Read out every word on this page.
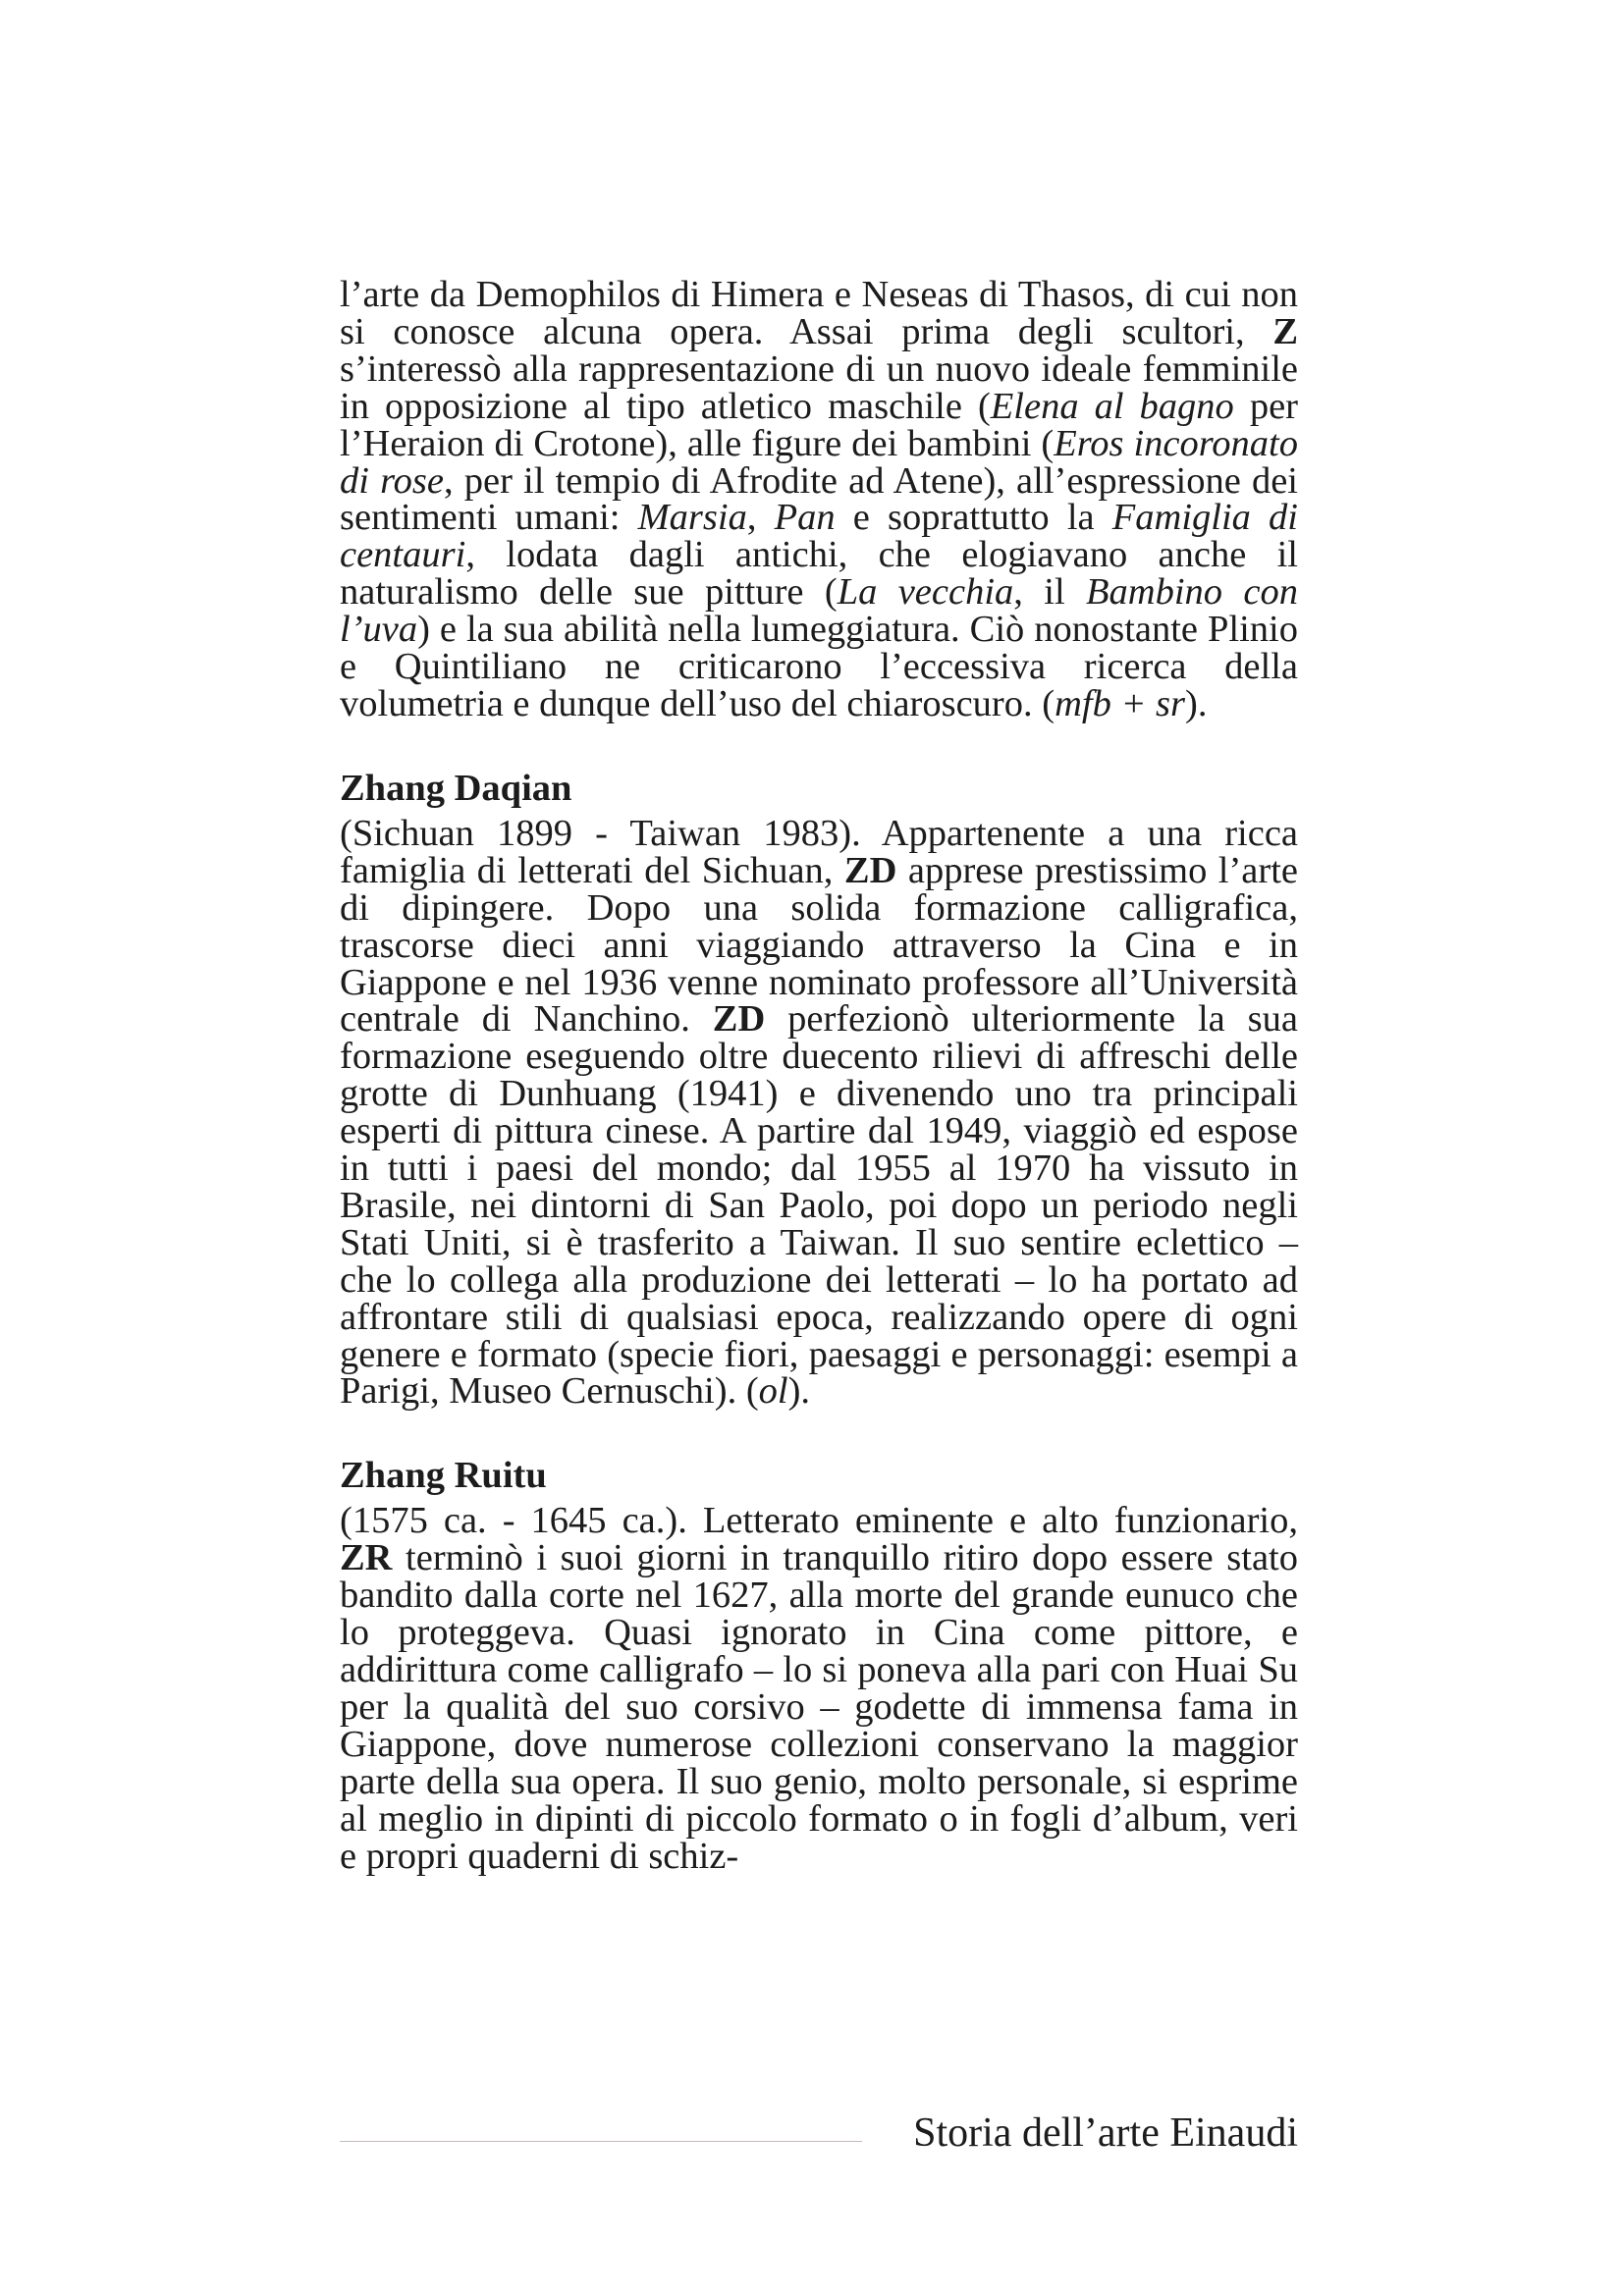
l’arte da Demophilos di Himera e Neseas di Thasos, di cui non si conosce alcuna opera. Assai prima degli scultori, Z s’interessò alla rappresentazione di un nuovo ideale femminile in opposizione al tipo atletico maschile (Elena al bagno per l’Heraion di Crotone), alle figure dei bambini (Eros incoronato di rose, per il tempio di Afrodite ad Atene), all’espressione dei sentimenti umani: Marsia, Pan e soprattutto la Famiglia di centauri, lodata dagli antichi, che elogiavano anche il naturalismo delle sue pitture (La vecchia, il Bambino con l’uva) e la sua abilità nella lumeggiatura. Ciò nonostante Plinio e Quintiliano ne criticarono l’eccessiva ricerca della volumetria e dunque dell’uso del chiaroscuro. (mfb + sr).

Zhang Daqian

(Sichuan 1899 - Taiwan 1983). Appartenente a una ricca famiglia di letterati del Sichuan, ZD apprese prestissimo l’arte di dipingere. Dopo una solida formazione calligrafica, trascorse dieci anni viaggiando attraverso la Cina e in Giappone e nel 1936 venne nominato professore all’Università centrale di Nanchino. ZD perfezionò ulteriormente la sua formazione eseguendo oltre duecento rilievi di affreschi delle grotte di Dunhuang (1941) e divenendo uno tra principali esperti di pittura cinese. A partire dal 1949, viaggiò ed espose in tutti i paesi del mondo; dal 1955 al 1970 ha vissuto in Brasile, nei dintorni di San Paolo, poi dopo un periodo negli Stati Uniti, si è trasferito a Taiwan. Il suo sentire eclettico – che lo collega alla produzione dei letterati – lo ha portato ad affrontare stili di qualsiasi epoca, realizzando opere di ogni genere e formato (specie fiori, paesaggi e personaggi: esempi a Parigi, Museo Cernuschi). (ol).

Zhang Ruitu

(1575 ca. - 1645 ca.). Letterato eminente e alto funzionario, ZR terminò i suoi giorni in tranquillo ritiro dopo essere stato bandito dalla corte nel 1627, alla morte del grande eunuco che lo proteggeva. Quasi ignorato in Cina come pittore, e addirittura come calligrafo – lo si poneva alla pari con Huai Su per la qualità del suo corsivo – godette di immensa fama in Giappone, dove numerose collezioni conservano la maggior parte della sua opera. Il suo genio, molto personale, si esprime al meglio in dipinti di piccolo formato o in fogli d’album, veri e propri quaderni di schiz-

Storia dell’arte Einaudi
